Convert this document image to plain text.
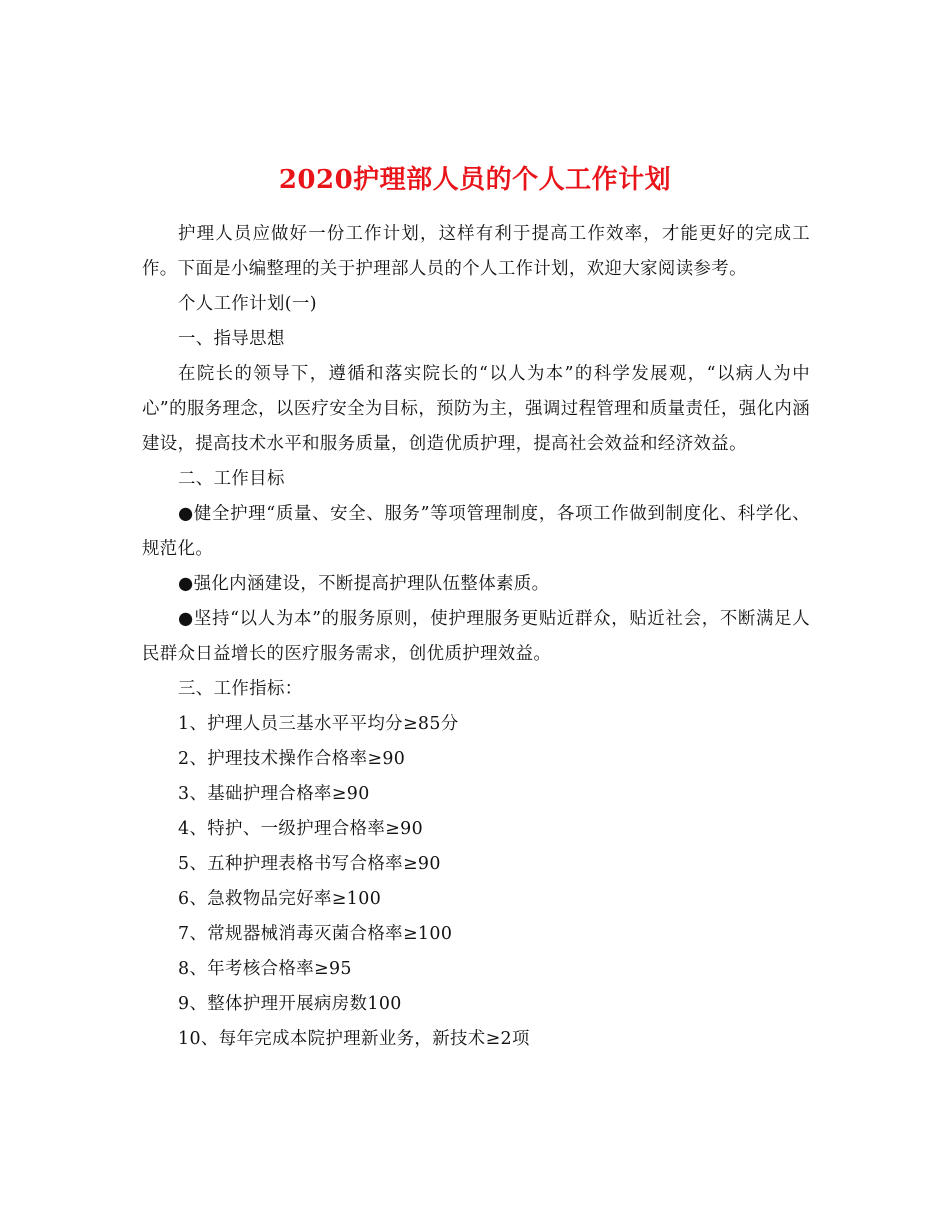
2020护理部人员的个人工作计划

护理人员应做好一份工作计划，这样有利于提高工作效率，才能更好的完成工作。下面是小编整理的关于护理部人员的个人工作计划，欢迎大家阅读参考。

个人工作计划(一)

一、指导思想

在院长的领导下，遵循和落实院长的“以人为本”的科学发展观，“以病人为中心”的服务理念，以医疗安全为目标，预防为主，强调过程管理和质量责任，强化内涵建设，提高技术水平和服务质量，创造优质护理，提高社会效益和经济效益。

二、工作目标

●健全护理“质量、安全、服务”等项管理制度，各项工作做到制度化、科学化、规范化。

●强化内涵建设，不断提高护理队伍整体素质。

●坚持“以人为本”的服务原则，使护理服务更贴近群众，贴近社会，不断满足人民群众日益增长的医疗服务需求，创优质护理效益。

三、工作指标：

1、护理人员三基水平平均分≥85分

2、护理技术操作合格率≥90

3、基础护理合格率≥90

4、特护、一级护理合格率≥90

5、五种护理表格书写合格率≥90

6、急救物品完好率≥100

7、常规器械消毒灭菌合格率≥100

8、年考核合格率≥95

9、整体护理开展病房数100

10、每年完成本院护理新业务，新技术≥2项
